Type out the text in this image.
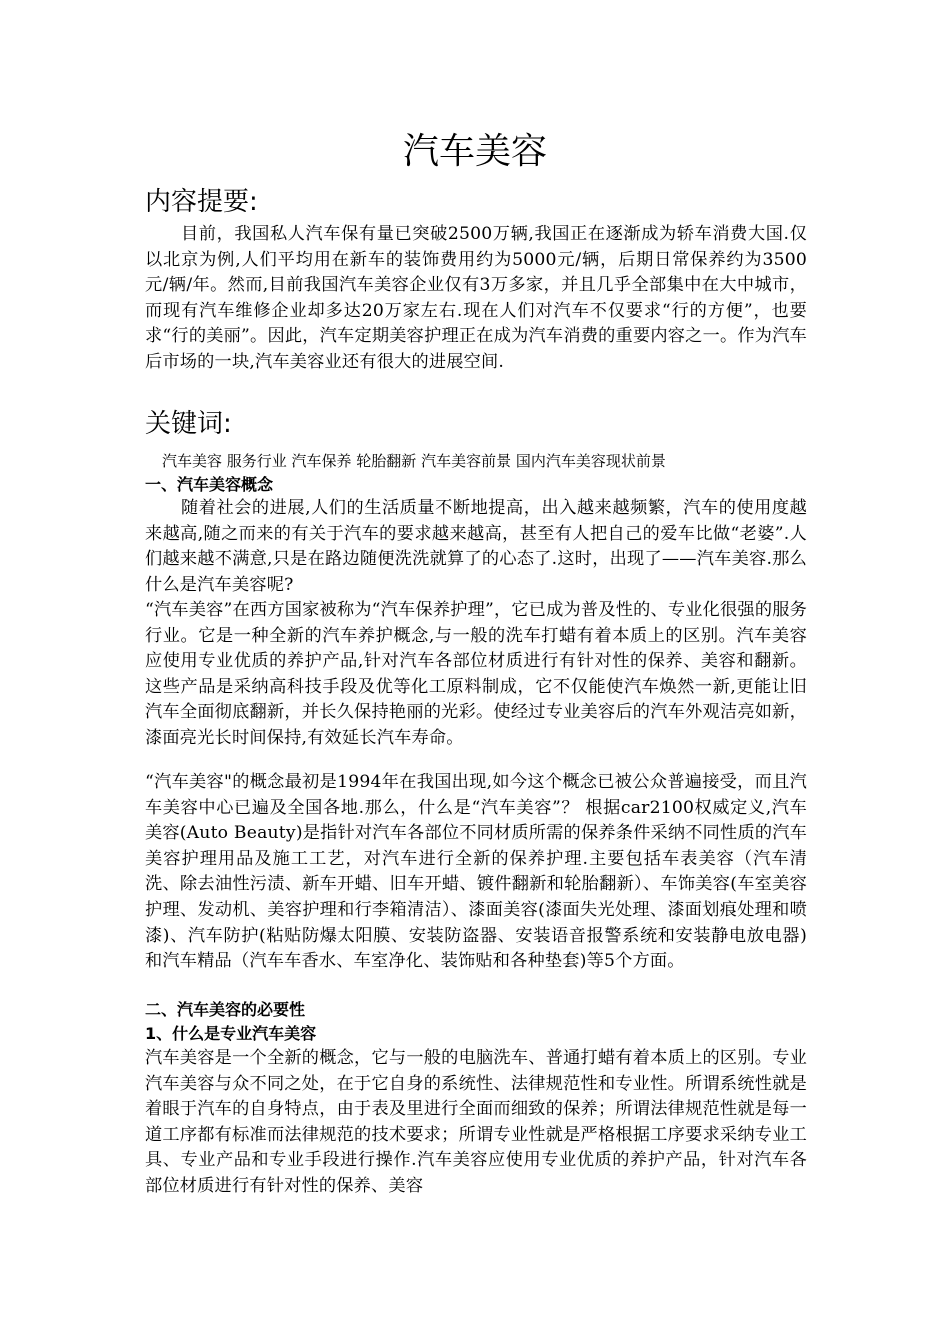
汽车美容
内容提要:

目前，我国私人汽车保有量已突破2500万辆,我国正在逐渐成为轿车消费大国.仅以北京为例,人们平均用在新车的装饰费用约为5000元/辆，后期日常保养约为3500元/辆/年。然而,目前我国汽车美容企业仅有3万多家，并且几乎全部集中在大中城市，而现有汽车维修企业却多达20万家左右.现在人们对汽车不仅要求“行的方便”，也要求“行的美丽”。因此，汽车定期美容护理正在成为汽车消费的重要内容之一。作为汽车后市场的一块,汽车美容业还有很大的进展空间.

关键词:

汽车美容 服务行业 汽车保养 轮胎翻新 汽车美容前景 国内汽车美容现状前景

一、汽车美容概念

随着社会的进展,人们的生活质量不断地提高，出入越来越频繁，汽车的使用度越来越高,随之而来的有关于汽车的要求越来越高，甚至有人把自己的爱车比做“老婆”.人们越来越不满意,只是在路边随便洗洗就算了的心态了.这时，出现了——汽车美容.那么什么是汽车美容呢?

“汽车美容”在西方国家被称为“汽车保养护理”，它已成为普及性的、专业化很强的服务行业。它是一种全新的汽车养护概念,与一般的洗车打蜡有着本质上的区别。汽车美容应使用专业优质的养护产品,针对汽车各部位材质进行有针对性的保养、美容和翻新。这些产品是采纳高科技手段及优等化工原料制成，它不仅能使汽车焕然一新,更能让旧汽车全面彻底翻新，并长久保持艳丽的光彩。使经过专业美容后的汽车外观洁亮如新，漆面亮光长时间保持,有效延长汽车寿命。

“汽车美容"的概念最初是1994年在我国出现,如今这个概念已被公众普遍接受，而且汽车美容中心已遍及全国各地.那么，什么是“汽车美容”？ 根据car2100权威定义,汽车美容(Auto Beauty)是指针对汽车各部位不同材质所需的保养条件采纳不同性质的汽车美容护理用品及施工工艺，对汽车进行全新的保养护理.主要包括车表美容（汽车清洗、除去油性污渍、新车开蜡、旧车开蜡、镀件翻新和轮胎翻新）、车饰美容(车室美容护理、发动机、美容护理和行李箱清洁）、漆面美容(漆面失光处理、漆面划痕处理和喷漆)、汽车防护(粘贴防爆太阳膜、安装防盗器、安装语音报警系统和安装静电放电器)和汽车精品（汽车车香水、车室净化、装饰贴和各种垫套)等5个方面。

二、汽车美容的必要性
1、什么是专业汽车美容

汽车美容是一个全新的概念，它与一般的电脑洗车、普通打蜡有着本质上的区别。专业汽车美容与众不同之处，在于它自身的系统性、法律规范性和专业性。所谓系统性就是着眼于汽车的自身特点，由于表及里进行全面而细致的保养；所谓法律规范性就是每一道工序都有标准而法律规范的技术要求；所谓专业性就是严格根据工序要求采纳专业工具、专业产品和专业手段进行操作.汽车美容应使用专业优质的养护产品，针对汽车各部位材质进行有针对性的保养、美容
